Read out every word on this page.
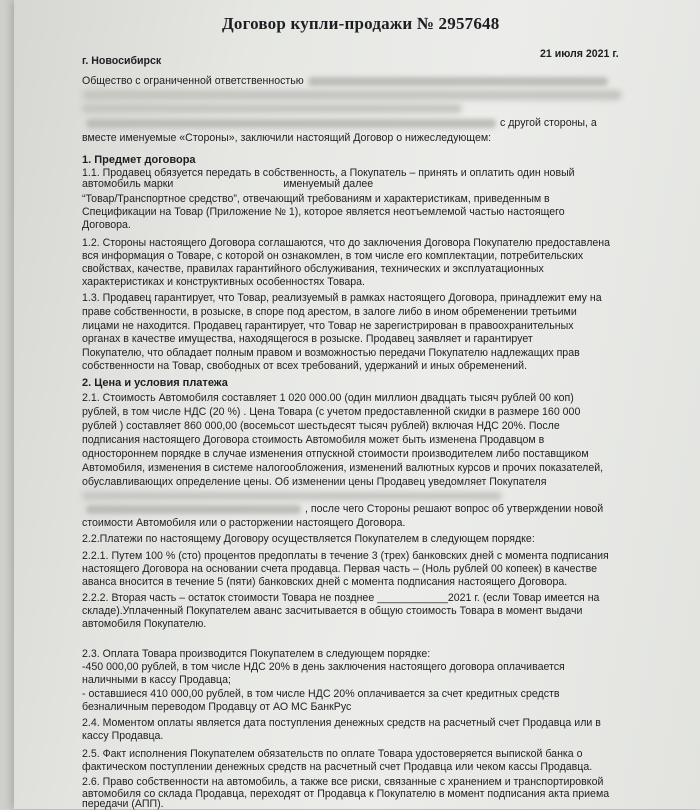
Договор купли-продажи № 2957648
г. Новосибирск
21 июля 2021 г.
Общество с ограниченной ответственностью
с другой стороны, а
вместе именуемые «Стороны», заключили настоящий Договор о нижеследующем:
1. Предмет договора
1.1. Продавец обязуется передать в собственность, а Покупатель – принять и оплатить один новый
автомобиль марки	именуемый далее
“Товар/Транспортное средство”, отвечающий требованиям и характеристикам, приведенным в
Спецификации на Товар (Приложение № 1), которое является неотъемлемой частью настоящего
Договора.
1.2. Стороны настоящего Договора соглашаются, что до заключения Договора Покупателю предоставлена
вся информация о Товаре, с которой он ознакомлен, в том числе его комплектации, потребительских
свойствах, качестве, правилах гарантийного обслуживания, технических и эксплуатационных
характеристиках и конструктивных особенностях Товара.
1.3. Продавец гарантирует, что Товар, реализуемый в рамках настоящего Договора, принадлежит ему на
праве собственности, в розыске, в споре под арестом, в залоге либо в ином обременении третьими
лицами не находится. Продавец гарантирует, что Товар не зарегистрирован в правоохранительных
органах в качестве имущества, находящегося в розыске. Продавец заявляет и гарантирует
Покупателю, что обладает полным правом и возможностью передачи Покупателю надлежащих прав
собственности на Товар, свободных от всех требований, удержаний и иных обременений.
2. Цена и условия платежа
2.1. Стоимость Автомобиля составляет 1 020 000.00 (один миллион двадцать тысяч рублей 00 коп)
рублей, в том числе НДС (20 %) . Цена Товара (с учетом предоставленной скидки в размере 160 000
рублей ) составляет 860 000,00 (восемьсот шестьдесят тысяч рублей) включая НДС 20%. После
подписания настоящего Договора стоимость Автомобиля может быть изменена Продавцом в
одностороннем порядке в случае изменения отпускной стоимости производителем либо поставщиком
Автомобиля, изменения в системе налогообложения, изменений валютных курсов и прочих показателей,
обуславливающих определение цены. Об изменении цены Продавец уведомляет Покупателя
, после чего Стороны решают вопрос об утверждении новой
стоимости Автомобиля или о расторжении настоящего Договора.
2.2.Платежи по настоящему Договору осуществляется Покупателем в следующем порядке:
2.2.1. Путем 100 % (сто) процентов предоплаты в течение 3 (трех) банковских дней с момента подписания
настоящего Договора на основании счета продавца. Первая часть – (Ноль рублей 00 копеек) в качестве
аванса вносится в течение 5 (пяти) банковских дней с момента подписания настоящего Договора.
2.2.2. Вторая часть – остаток стоимости Товара не позднее ____________2021 г. (если Товар имеется на
складе).Уплаченный Покупателем аванс засчитывается в общую стоимость Товара в момент выдачи
автомобиля Покупателю.
2.3. Оплата Товара производится Покупателем в следующем порядке:
-450 000,00 рублей, в том числе НДС 20% в день заключения настоящего договора оплачивается
наличными в кассу Продавца;
- оставшиеся 410 000,00 рублей, в том числе НДС 20% оплачивается за счет кредитных средств
безналичным переводом Продавцу от АО МС БанкРус
2.4. Моментом оплаты является дата поступления денежных средств на расчетный счет Продавца или в
кассу Продавца.
2.5. Факт исполнения Покупателем обязательств по оплате Товара удостоверяется выпиской банка о
фактическом поступлении денежных средств на расчетный счет Продавца или чеком кассы Продавца.
2.6. Право собственности на автомобиль, а также все риски, связанные с хранением и транспортировкой
автомобиля со склада Продавца, переходят от Продавца к Покупателю в момент подписания акта приема
передачи (АПП).
